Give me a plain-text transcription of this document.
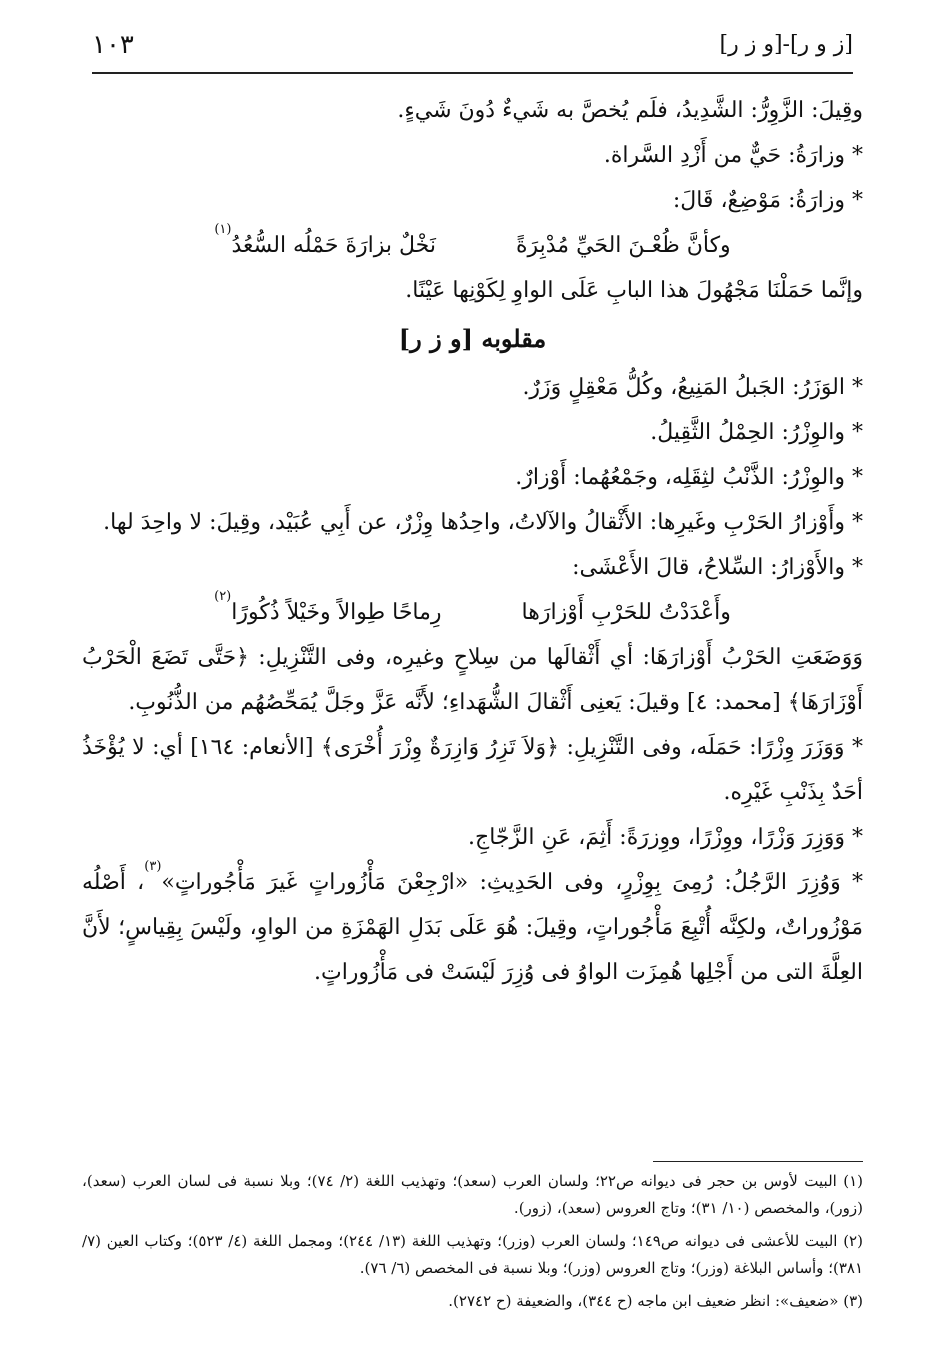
[ز و ر]-[و ز ر]
١٠٣

وقِيلَ: الزَّوِرُّ: الشَّدِيدُ، فلَم يُخصَّ به شَيءٌ دُونَ شَيءٍ.

* وزارَةُ: حَيٌّ من أَزْدِ السَّراة.

* وزارَةُ: مَوْضِعٌ، قَالَ:

وكأنَّ ظُعْـنَ الحَيِّ مُدْبِرَةً
نَخْلٌ بزارَةَ حَمْلُه السُّعُدُ$^{(١)}$

وإنَّما حَمَلْنَا مَجْهُولَ هذا البابِ عَلَى الواوِ لِكَوْنِها عَيْنًا.

مقلوبه [و ز ر]

* الوَزَرُ: الجَبلُ المَنِيعُ، وكُلُّ مَعْقِلٍ وَزَرٌ.

* والوِزْرُ: الحِمْلُ الثَّقِيلُ.

* والوِزْرُ: الذَّنْبُ لثِقَلِه، وجَمْعُهُما: أَوْزارٌ.

* وأَوْزارُ الحَرْبِ وغَيرِها: الأَثْقالُ والآلاتُ، واحِدُها وِزْرٌ، عن أَبِي عُبَيْد، وقِيلَ: لا واحِدَ لها.

* والأَوْزارُ: السِّلاحُ، قالَ الأَعْشَى:

وأَعْدَدْتُ للحَرْبِ أَوْزارَها
رِماحًا طِوالاً وخَيْلاً ذُكُورًا$^{(٢)}$

وَوَضَعَتِ الحَرْبُ أَوْزارَهَا: أي أَثْقالَها من سِلاحٍ وغيرِه، وفى التَّنْزِيلِ: ﴿حَتَّى تَضَعَ الْحَرْبُ أَوْزَارَهَا﴾ [محمد: ٤] وقيلَ: يَعنِى أَثْقالَ الشُّهَداءِ؛ لأَنَّه عَزَّ وجَلَّ يُمَحِّصُهُم من الذُّنُوبِ.

* وَوَزَرَ وِزْرًا: حَمَلَه، وفى التَّنْزِيلِ: ﴿وَلاَ تَزِرُ وَازِرَةٌ وِزْرَ أُخْرَى﴾ [الأنعام: ١٦٤] أي: لا يُؤْخَذُ أحَدٌ بِذَنْبِ غَيْرِه.

* وَوَزِرَ وَزْرًا، ووِزْرًا، ووِزرَةً: أَثِمَ، عَنِ الزَّجّاجِ.

* وَوُزِرَ الرَّجُلُ: رُمِىَ بِوِزْرٍ، وفى الحَدِيثِ: «ارْجِعْنَ مَأْزُوراتٍ غَيرَ مَأْجُوراتٍ»$^{(٣)}$، أَصْلُه مَوْزُوراتٌ، ولكِنَّه أُتْبِعَ مَأْجُوراتٍ، وقِيلَ: هُوَ عَلَى بَدَلِ الهَمْزَةِ من الواوِ، ولَيْسَ بِقِياسٍ؛ لأَنَّ العِلَّةَ التى من أَجْلِها هُمِزَت الواوُ فى وُزِرَ لَيْسَتْ فى مَأْزُوراتٍ.

(١) البيت لأوس بن حجر فى ديوانه ص٢٢؛ ولسان العرب (سعد)؛ وتهذيب اللغة (٢/ ٧٤)؛ وبلا نسبة فى لسان العرب (سعد)، (زور)، والمخصص (١٠/ ٣١)؛ وتاج العروس (سعد)، (زور).

(٢) البيت للأعشى فى ديوانه ص١٤٩؛ ولسان العرب (وزر)؛ وتهذيب اللغة (١٣/ ٢٤٤)؛ ومجمل اللغة (٤/ ٥٢٣)؛ وكتاب العين (٧/ ٣٨١)؛ وأساس البلاغة (وزر)؛ وتاج العروس (وزر)؛ وبلا نسبة فى المخصص (٦/ ٧٦).

(٣) «ضعيف»: انظر ضعيف ابن ماجه (ح ٣٤٤)، والضعيفة (ح ٢٧٤٢).
